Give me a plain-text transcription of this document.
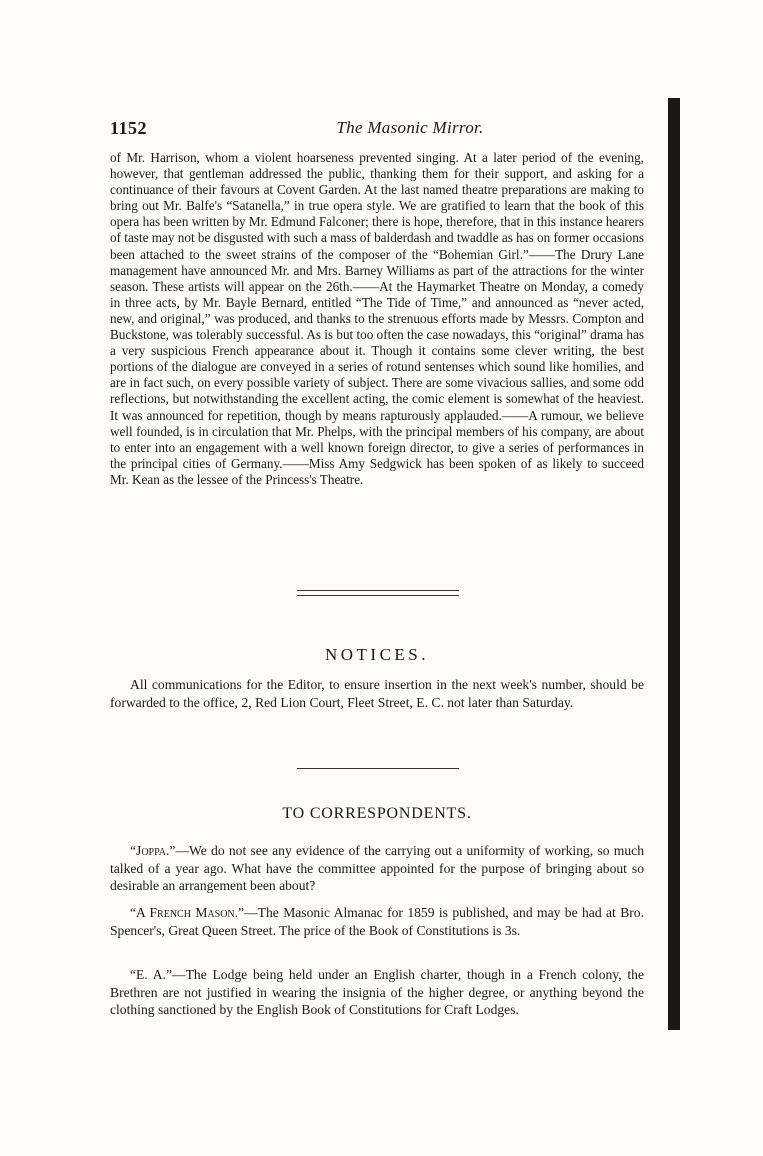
1152	The Masonic Mirror.

of Mr. Harrison, whom a violent hoarseness prevented singing. At a later period of the evening, however, that gentleman addressed the public, thanking them for their support, and asking for a continuance of their favours at Covent Garden. At the last named theatre preparations are making to bring out Mr. Balfe's “Satanella,” in true opera style. We are gratified to learn that the book of this opera has been written by Mr. Edmund Falconer; there is hope, therefore, that in this instance hearers of taste may not be disgusted with such a mass of balderdash and twaddle as has on former occasions been attached to the sweet strains of the composer of the “Bohemian Girl.”——The Drury Lane management have announced Mr. and Mrs. Barney Williams as part of the attractions for the winter season. These artists will appear on the 26th.——At the Haymarket Theatre on Monday, a comedy in three acts, by Mr. Bayle Bernard, entitled “The Tide of Time,” and announced as “never acted, new, and original,” was produced, and thanks to the strenuous efforts made by Messrs. Compton and Buckstone, was tolerably successful. As is but too often the case nowadays, this “original” drama has a very suspicious French appearance about it. Though it contains some clever writing, the best portions of the dialogue are conveyed in a series of rotund sentenses which sound like homilies, and are in fact such, on every possible variety of subject. There are some vivacious sallies, and some odd reflections, but notwithstanding the excellent acting, the comic element is somewhat of the heaviest. It was announced for repetition, though by means rapturously applauded.——A rumour, we believe well founded, is in circulation that Mr. Phelps, with the principal members of his company, are about to enter into an engagement with a well known foreign director, to give a series of performances in the principal cities of Germany.——Miss Amy Sedgwick has been spoken of as likely to succeed Mr. Kean as the lessee of the Princess's Theatre.

NOTICES.

All communications for the Editor, to ensure insertion in the next week's number, should be forwarded to the office, 2, Red Lion Court, Fleet Street, E. C. not later than Saturday.

TO CORRESPONDENTS.

“Joppa.”—We do not see any evidence of the carrying out a uniformity of working, so much talked of a year ago. What have the committee appointed for the purpose of bringing about so desirable an arrangement been about?

“A French Mason.”—The Masonic Almanac for 1859 is published, and may be had at Bro. Spencer's, Great Queen Street. The price of the Book of Constitutions is 3s.

“E. A.”—The Lodge being held under an English charter, though in a French colony, the Brethren are not justified in wearing the insignia of the higher degree, or anything beyond the clothing sanctioned by the English Book of Constitutions for Craft Lodges.
